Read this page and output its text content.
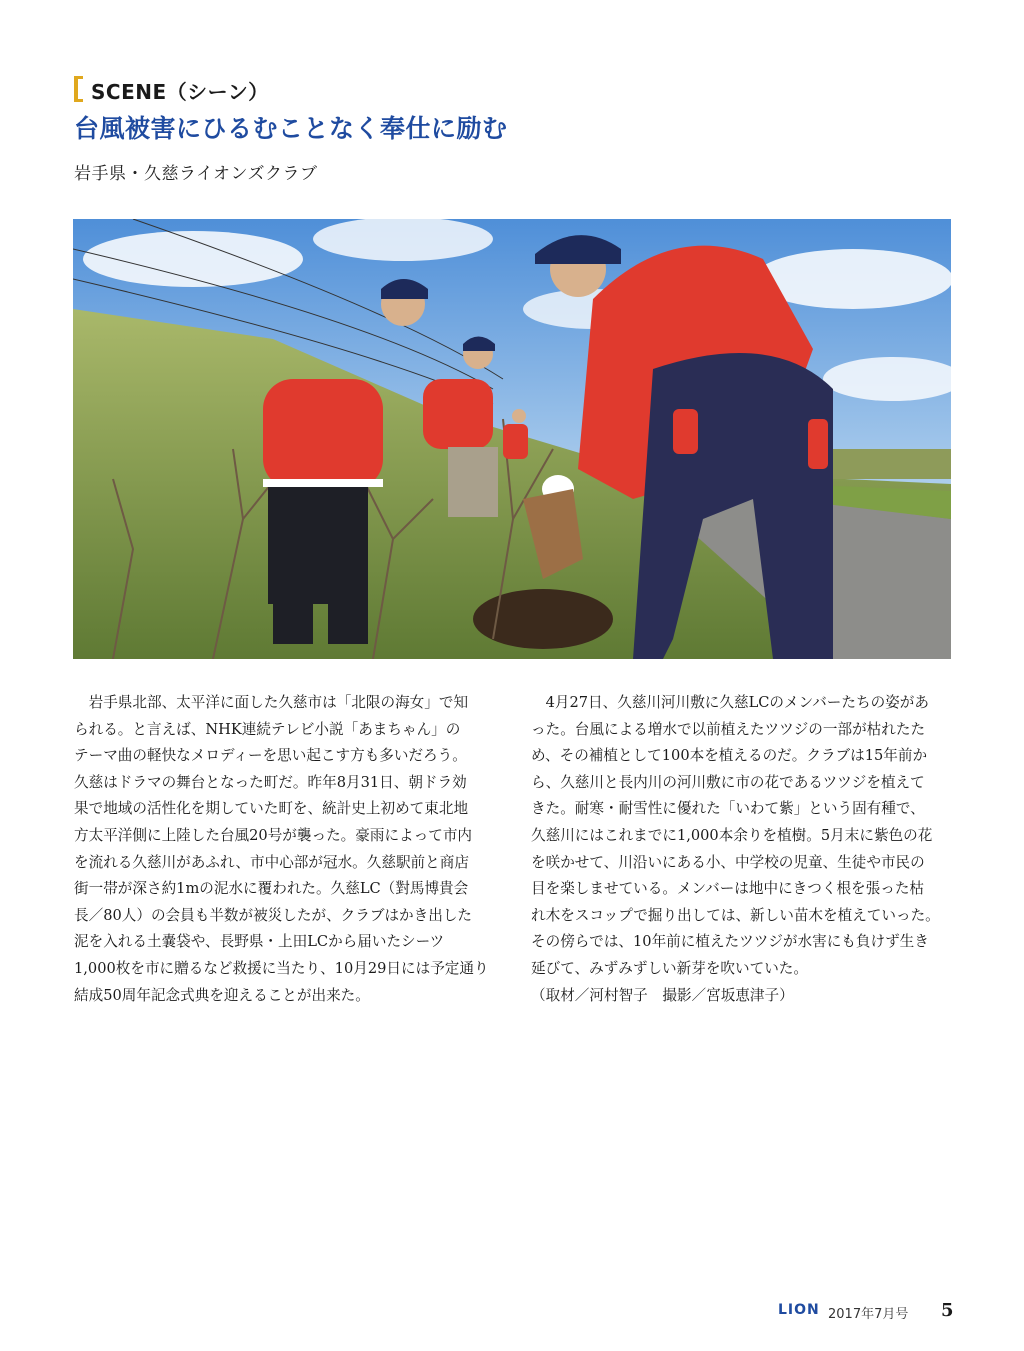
SCENE（シーン）
台風被害にひるむことなく奉仕に励む
岩手県・久慈ライオンズクラブ

　岩手県北部、太平洋に面した久慈市は「北限の海女」で知
られる。と言えば、NHK連続テレビ小説「あまちゃん」の
テーマ曲の軽快なメロディーを思い起こす方も多いだろう。
久慈はドラマの舞台となった町だ。昨年8月31日、朝ドラ効
果で地域の活性化を期していた町を、統計史上初めて東北地
方太平洋側に上陸した台風20号が襲った。豪雨によって市内
を流れる久慈川があふれ、市中心部が冠水。久慈駅前と商店
街一帯が深さ約1mの泥水に覆われた。久慈LC（對馬博貴会
長／80人）の会員も半数が被災したが、クラブはかき出した
泥を入れる土嚢袋や、長野県・上田LCから届いたシーツ
1,000枚を市に贈るなど救援に当たり、10月29日には予定通り
結成50周年記念式典を迎えることが出来た。

　4月27日、久慈川河川敷に久慈LCのメンバーたちの姿があ
った。台風による増水で以前植えたツツジの一部が枯れたた
め、その補植として100本を植えるのだ。クラブは15年前か
ら、久慈川と長内川の河川敷に市の花であるツツジを植えて
きた。耐寒・耐雪性に優れた「いわて紫」という固有種で、
久慈川にはこれまでに1,000本余りを植樹。5月末に紫色の花
を咲かせて、川沿いにある小、中学校の児童、生徒や市民の
目を楽しませている。メンバーは地中にきつく根を張った枯
れ木をスコップで掘り出しては、新しい苗木を植えていった。
その傍らでは、10年前に植えたツツジが水害にも負けず生き
延びて、みずみずしい新芽を吹いていた。

（取材／河村智子　撮影／宮坂恵津子）

LION 2017年7月号 5
